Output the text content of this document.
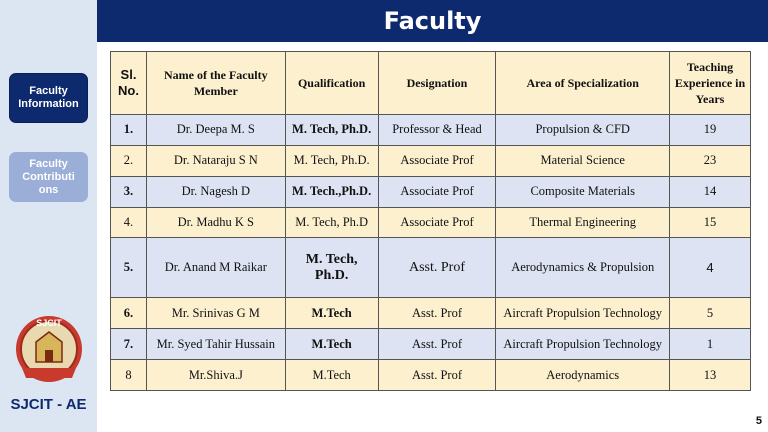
Faculty Information
Faculty Contributi ons
SJCIT
SJCIT - AE
Faculty
Sl. No.	Name of the Faculty Member	Qualification	Designation	Area of Specialization	Teaching Experience in Years
1.	Dr. Deepa M. S	M. Tech, Ph.D.	Professor & Head	Propulsion & CFD	19
2.	Dr. Nataraju S N	M. Tech, Ph.D.	Associate Prof	Material Science	23
3.	Dr. Nagesh D	M. Tech.,Ph.D.	Associate Prof	Composite Materials	14
4.	Dr. Madhu K S	M. Tech, Ph.D	Associate Prof	Thermal Engineering	15
5.	Dr. Anand M Raikar	M. Tech, Ph.D.	Asst. Prof	Aerodynamics & Propulsion	4
6.	Mr. Srinivas G M	M.Tech	Asst. Prof	Aircraft Propulsion Technology	5
7.	Mr. Syed Tahir Hussain	M.Tech	Asst. Prof	Aircraft Propulsion Technology	1
8	Mr.Shiva.J	M.Tech	Asst. Prof	Aerodynamics	13
5
